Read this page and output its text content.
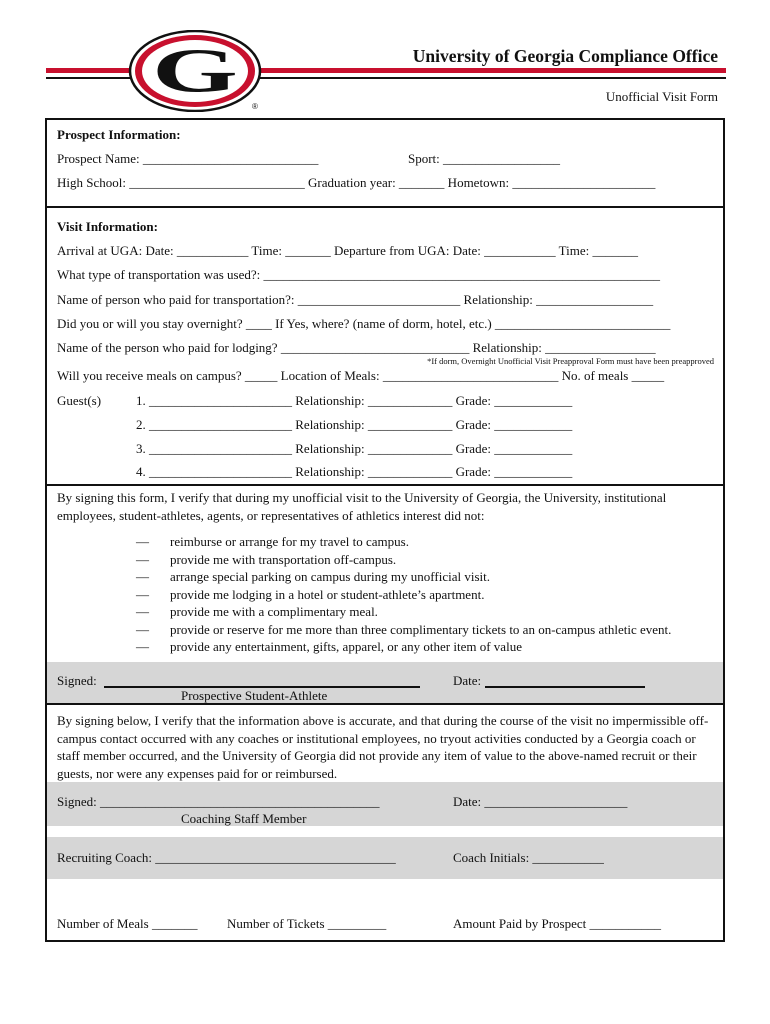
G
®
University of Georgia Compliance Office
Unofficial Visit Form
Prospect Information:
Prospect Name: ___________________________	Sport: __________________
High School: ___________________________ Graduation year: _______ Hometown: ______________________
Visit Information:
Arrival at UGA: Date: ___________ Time: _______ Departure from UGA: Date: ___________ Time: _______
What type of transportation was used?: _____________________________________________________________
Name of person who paid for transportation?: _________________________ Relationship: __________________
Did you or will you stay overnight? ____ If Yes, where? (name of dorm, hotel, etc.) ___________________________
Name of the person who paid for lodging? _____________________________ Relationship: _________________
*If dorm, Overnight Unofficial Visit Preapproval Form must have been preapproved
Will you receive meals on campus? _____ Location of Meals: ___________________________ No. of meals _____
Guest(s)	1. ______________________ Relationship: _____________ Grade: ____________
2. ______________________ Relationship: _____________ Grade: ____________
3. ______________________ Relationship: _____________ Grade: ____________
4. ______________________ Relationship: _____________ Grade: ____________
By signing this form, I verify that during my unofficial visit to the University of Georgia, the University, institutional employees, student-athletes, agents, or representatives of athletics interest did not:
— reimburse or arrange for my travel to campus.
— provide me with transportation off-campus.
— arrange special parking on campus during my unofficial visit.
— provide me lodging in a hotel or student-athlete’s apartment.
— provide me with a complimentary meal.
— provide or reserve for me more than three complimentary tickets to an on-campus athletic event.
— provide any entertainment, gifts, apparel, or any other item of value
Signed:	Date:
Prospective Student-Athlete
By signing below, I verify that the information above is accurate, and that during the course of the visit no impermissible off-campus contact occurred with any coaches or institutional employees, no tryout activities conducted by a Georgia coach or staff member occurred, and the University of Georgia did not provide any item of value to the above-named recruit or their guests, nor were any expenses paid for or reimbursed.
Signed: ___________________________________________	Date: ______________________
Coaching Staff Member
Recruiting Coach: _____________________________________	Coach Initials: ___________
Number of Meals _______ Number of Tickets _________	Amount Paid by Prospect ___________
